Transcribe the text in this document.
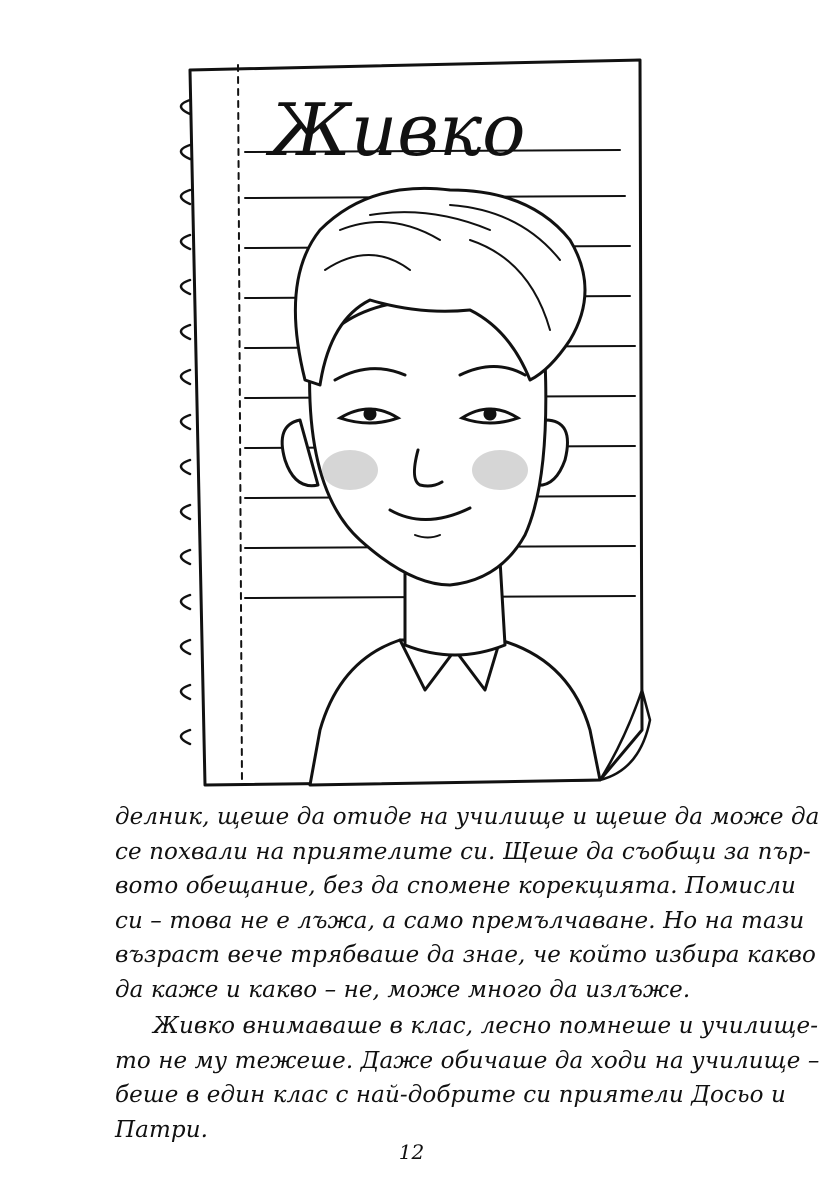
Живко
делник, щеше да отиде на училище и щеше да може да
се похвали на приятелите си. Щеше да съобщи за пър-
вото обещание, без да спомене корекцията. Помисли
си – това не е лъжа, а само премълчаване. Но на тази
възраст вече трябваше да знае, че който избира какво
да каже и какво – не, може много да излъже.
Живко внимаваше в клас, лесно помнеше и училище-
то не му тежеше. Даже обичаше да ходи на училище –
беше в един клас с най-добрите си приятели Досьо и
Патри.
12
